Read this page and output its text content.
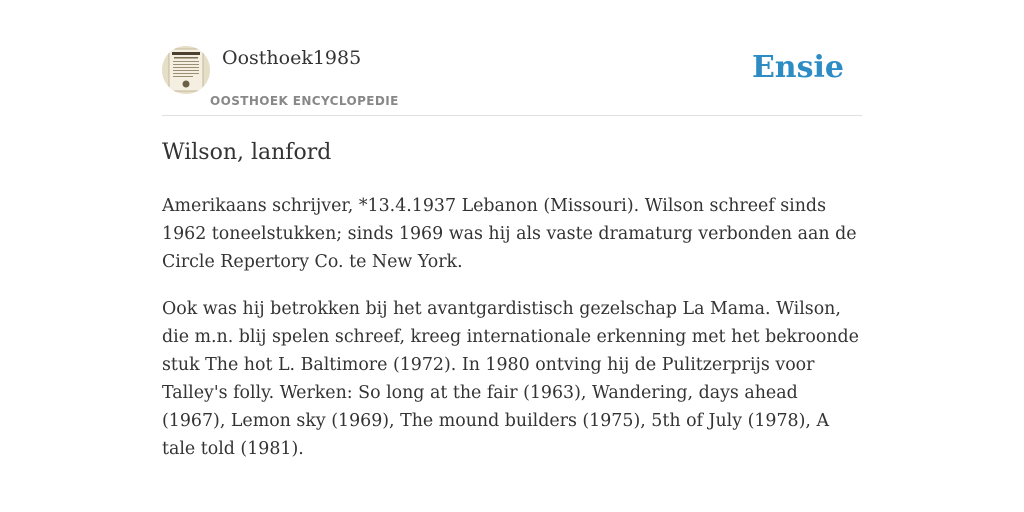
Oosthoek1985
OOSTHOEK ENCYCLOPEDIE
Ensie
Wilson, lanford

Amerikaans schrijver, *13.4.1937 Lebanon (Missouri). Wilson schreef sinds 1962 toneelstukken; sinds 1969 was hij als vaste dramaturg verbonden aan de Circle Repertory Co. te New York.

Ook was hij betrokken bij het avantgardistisch gezelschap La Mama. Wilson, die m.n. blij spelen schreef, kreeg internationale erkenning met het bekroonde stuk The hot L. Baltimore (1972). In 1980 ontving hij de Pulitzerprijs voor Talley's folly. Werken: So long at the fair (1963), Wandering, days ahead (1967), Lemon sky (1969), The mound builders (1975), 5th of July (1978), A tale told (1981).
